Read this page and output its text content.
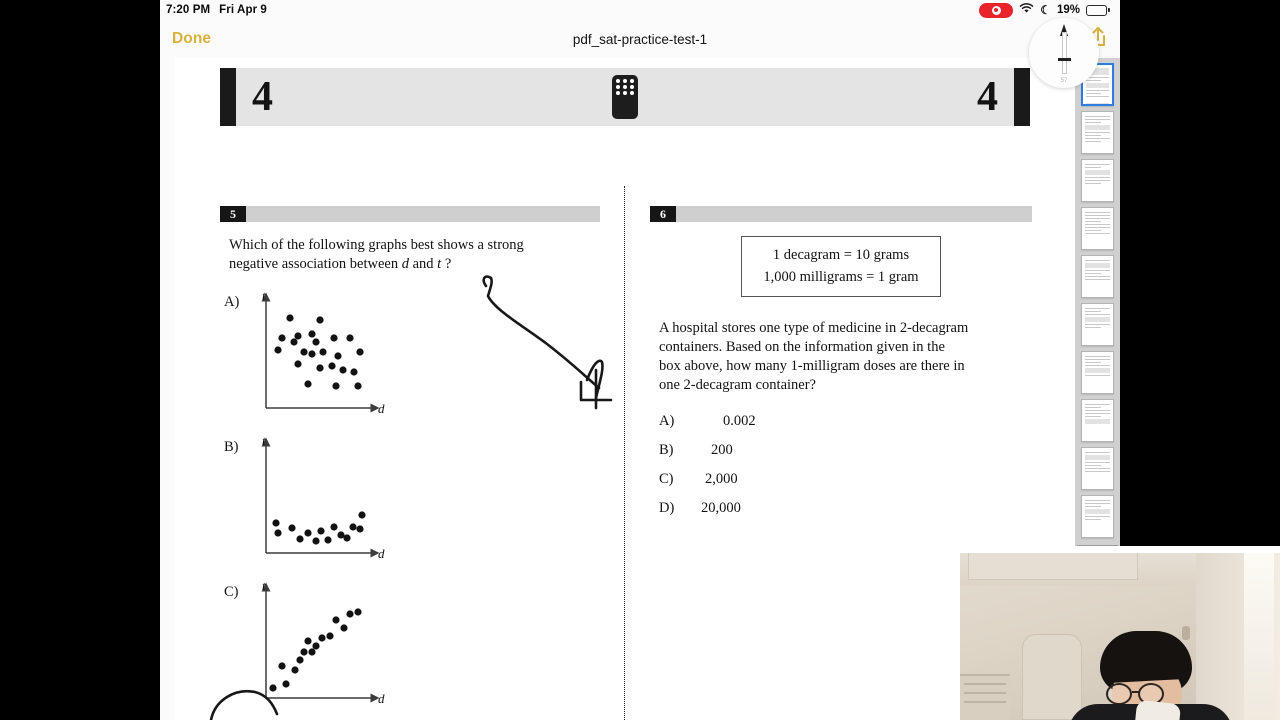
7:20 PM Fri Apr 9	☾ 19%
Done	pdf_sat-practice-test-1
57
4	4
5
Which of the following graphs best shows a strong
negative association between d and t ?
A)
d
t
B)
d
t
C)
d
t
6
1 decagram = 10 grams
1,000 milligrams = 1 gram
A hospital stores one type of medicine in 2-decagram
containers. Based on the information given in the
box above, how many 1-milligram doses are there in
one 2-decagram container?
A)	0.002
B)	200
C)	2,000
D)	20,000
